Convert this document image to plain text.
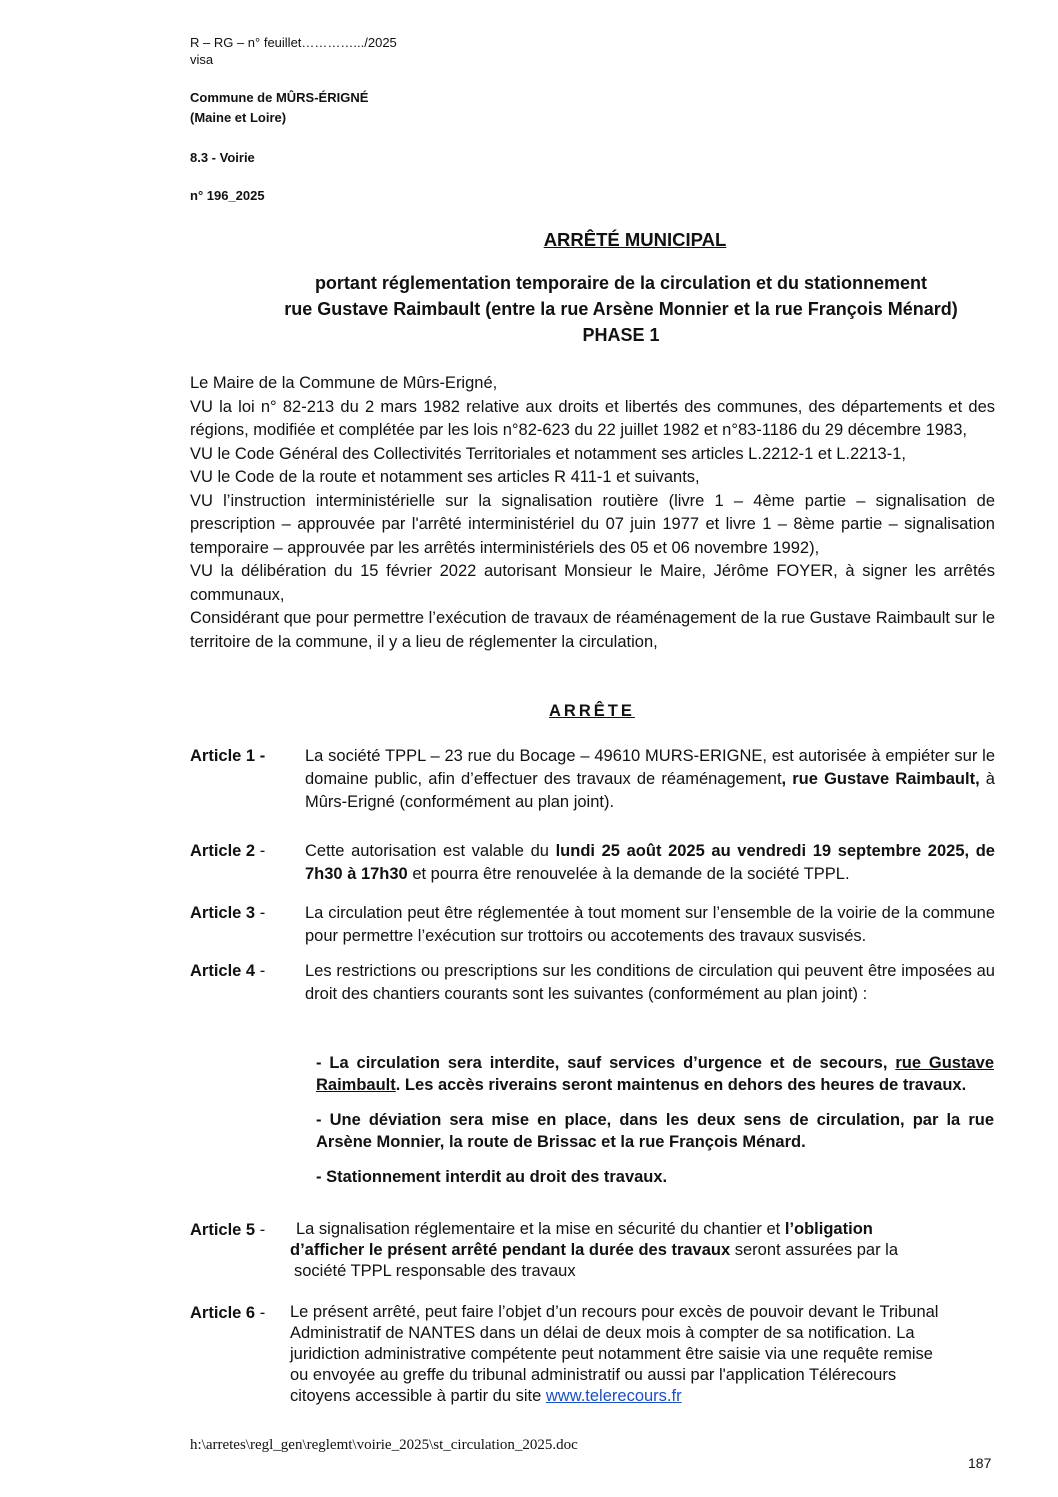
R – RG – n° feuillet………….../2025
visa
Commune de MÛRS-ÉRIGNÉ
(Maine et Loire)
8.3 - Voirie
n° 196_2025
ARRÊTÉ MUNICIPAL
portant réglementation temporaire de la circulation et du stationnement
rue Gustave Raimbault (entre la rue Arsène Monnier et la rue François Ménard)
PHASE 1

Le Maire de la Commune de Mûrs-Erigné,

VU la loi n° 82-213 du 2 mars 1982 relative aux droits et libertés des communes, des départements et des régions, modifiée et complétée par les lois n°82-623 du 22 juillet 1982 et n°83-1186 du 29 décembre 1983,

VU le Code Général des Collectivités Territoriales et notamment ses articles L.2212-1 et L.2213-1,

VU le Code de la route et notamment ses articles R 411-1 et suivants,

VU l’instruction interministérielle sur la signalisation routière (livre 1 – 4ème partie – signalisation de prescription – approuvée par l'arrêté interministériel du 07 juin 1977 et livre 1 – 8ème partie – signalisation temporaire – approuvée par les arrêtés interministériels des 05 et 06 novembre 1992),

VU la délibération du 15 février 2022 autorisant Monsieur le Maire, Jérôme FOYER, à signer les arrêtés communaux,

Considérant que pour permettre l’exécution de travaux de réaménagement de la rue Gustave Raimbault sur le territoire de la commune, il y a lieu de réglementer la circulation,

ARRÊTE
Article 1 - La société TPPL – 23 rue du Bocage – 49610 MURS-ERIGNE, est autorisée à empiéter sur le domaine public, afin d’effectuer des travaux de réaménagement, rue Gustave Raimbault, à Mûrs-Erigné (conformément au plan joint).
Article 2 - Cette autorisation est valable du lundi 25 août 2025 au vendredi 19 septembre 2025, de 7h30 à 17h30 et pourra être renouvelée à la demande de la société TPPL.
Article 3 - La circulation peut être réglementée à tout moment sur l’ensemble de la voirie de la commune pour permettre l’exécution sur trottoirs ou accotements des travaux susvisés.
Article 4 - Les restrictions ou prescriptions sur les conditions de circulation qui peuvent être imposées au droit des chantiers courants sont les suivantes (conformément au plan joint) :

- La circulation sera interdite, sauf services d’urgence et de secours, rue Gustave Raimbault. Les accès riverains seront maintenus en dehors des heures de travaux.

- Une déviation sera mise en place, dans les deux sens de circulation, par la rue Arsène Monnier, la route de Brissac et la rue François Ménard.

- Stationnement interdit au droit des travaux.

Article 5 - La signalisation réglementaire et la mise en sécurité du chantier et l’obligation
d’afficher le présent arrêté pendant la durée des travaux seront assurées par la
société TPPL responsable des travaux
Article 6 - Le présent arrêté, peut faire l’objet d’un recours pour excès de pouvoir devant le Tribunal
Administratif de NANTES dans un délai de deux mois à compter de sa notification. La
juridiction administrative compétente peut notamment être saisie via une requête remise
ou envoyée au greffe du tribunal administratif ou aussi par l'application Télérecours
citoyens accessible à partir du site www.telerecours.fr
h:\arretes\regl_gen\reglemt\voirie_2025\st_circulation_2025.doc
187
